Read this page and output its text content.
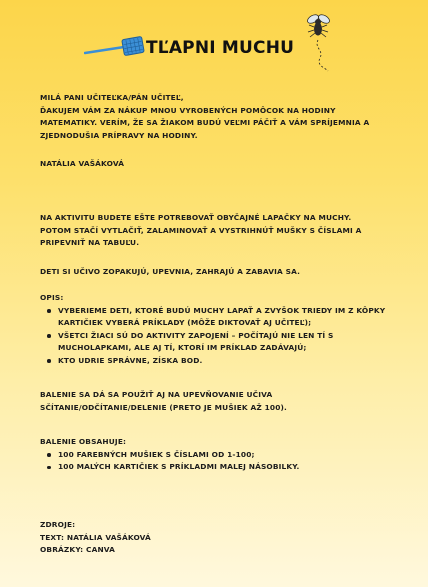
TĽAPNI MUCHU

MILÁ PANI UČITEĽKA/PÁN UČITEĽ,

ĎAKUJEM VÁM ZA NÁKUP MNOU VYROBENÝCH POMÔCOK NA HODINY MATEMATIKY. VERÍM, ŽE SA ŽIAKOM BUDÚ VEĽMI PÁČIŤ A VÁM SPRÍJEMNIA A ZJEDNODUŠIA PRÍPRAVY NA HODINY.

NATÁLIA VAŠÁKOVÁ

NA AKTIVITU BUDETE EŠTE POTREBOVAŤ OBYČAJNÉ LAPAČKY NA MUCHY.

POTOM STAČÍ VYTLAČIŤ, ZALAMINOVAŤ A VYSTRIHNÚŤ MUŠKY S ČÍSLAMI A PRIPEVNIŤ NA TABUĽU.

DETI SI UČIVO ZOPAKUJÚ, UPEVNIA, ZAHRAJÚ A ZABAVIA SA.

OPIS:

VYBERIEME DETI, KTORÉ BUDÚ MUCHY LAPAŤ A ZVYŠOK TRIEDY IM Z KÔPKY KARTIČIEK VYBERÁ PRÍKLADY (MÔŽE DIKTOVAŤ AJ UČITEĽ);
VŠETCI ŽIACI SÚ DO AKTIVITY ZAPOJENÍ – POČÍTAJÚ NIE LEN TÍ S MUCHOLAPKAMI, ALE AJ TÍ, KTORÍ IM PRÍKLAD ZADÁVAJÚ;
KTO UDRIE SPRÁVNE, ZÍSKA BOD.

BALENIE SA DÁ SA POUŽIŤ AJ NA UPEVŇOVANIE UČIVA SČÍTANIE/ODČÍTANIE/DELENIE (PRETO JE MUŠIEK AŽ 100).

BALENIE OBSAHUJE:

100 FAREBNÝCH MUŠIEK S ČÍSLAMI OD 1-100;
100 MALÝCH KARTIČIEK S PRÍKLADMI MALEJ NÁSOBILKY.

ZDROJE:

TEXT: NATÁLIA VAŠÁKOVÁ

OBRÁZKY: CANVA
